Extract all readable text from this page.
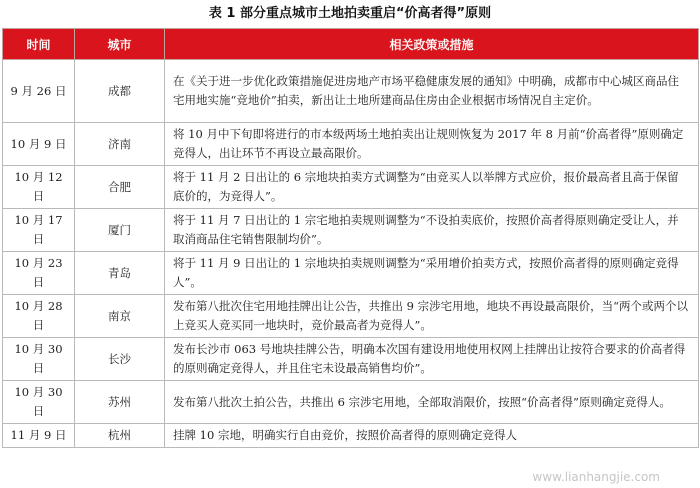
表 1 部分重点城市土地拍卖重启“价高者得”原则
时间	城市	相关政策或措施
9 月 26 日	成都	在《关于进一步优化政策措施促进房地产市场平稳健康发展的通知》中明确，成都市中心城区商品住宅用地实施“竞地价”拍卖，新出让土地所建商品住房由企业根据市场情况自主定价。
10 月 9 日	济南	将 10 月中下旬即将进行的市本级两场土地拍卖出让规则恢复为 2017 年 8 月前“价高者得”原则确定竞得人，出让环节不再设立最高限价。
10 月 12 日	合肥	将于 11 月 2 日出让的 6 宗地块拍卖方式调整为“由竞买人以举牌方式应价，报价最高者且高于保留底价的，为竞得人”。
10 月 17 日	厦门	将于 11 月 7 日出让的 1 宗宅地拍卖规则调整为“不设拍卖底价，按照价高者得原则确定受让人，并取消商品住宅销售限制均价”。
10 月 23 日	青岛	将于 11 月 9 日出让的 1 宗地块拍卖规则调整为“采用增价拍卖方式，按照价高者得的原则确定竞得人”。
10 月 28 日	南京	发布第八批次住宅用地挂牌出让公告，共推出 9 宗涉宅用地，地块不再设最高限价，当“两个或两个以上竞买人竞买同一地块时，竞价最高者为竞得人”。
10 月 30 日	长沙	发布长沙市 063 号地块挂牌公告，明确本次国有建设用地使用权网上挂牌出让按符合要求的价高者得的原则确定竞得人，并且住宅未设最高销售均价”。
10 月 30 日	苏州	发布第八批次土拍公告，共推出 6 宗涉宅用地，全部取消限价，按照“价高者得”原则确定竞得人。
11 月 9 日	杭州	挂牌 10 宗地，明确实行自由竞价，按照价高者得的原则确定竞得人
www.lianhangjie.com
